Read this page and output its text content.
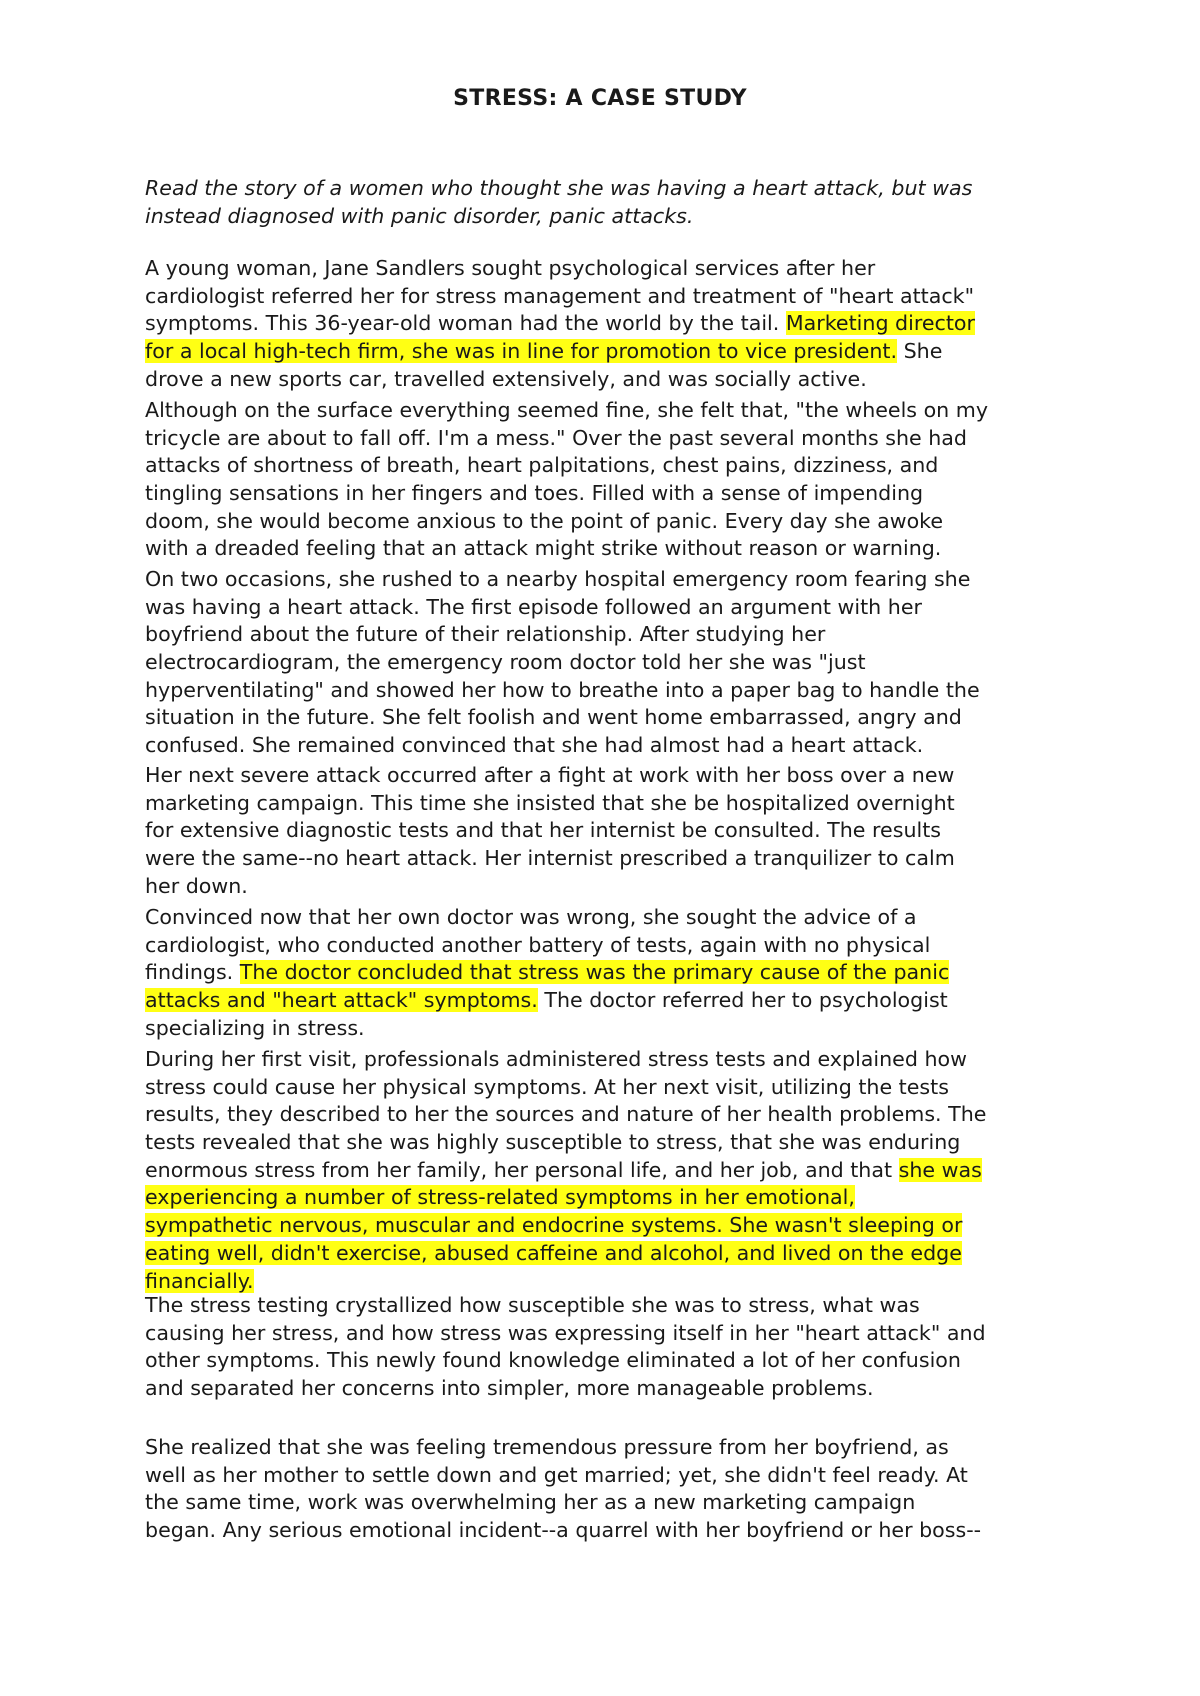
STRESS: A CASE STUDY
Read the story of a women who thought she was having a heart attack, but was
instead diagnosed with panic disorder, panic attacks.
A young woman, Jane Sandlers sought psychological services after her
cardiologist referred her for stress management and treatment of "heart attack"
symptoms. This 36-year-old woman had the world by the tail. Marketing director
for a local high-tech firm, she was in line for promotion to vice president. She
drove a new sports car, travelled extensively, and was socially active.
Although on the surface everything seemed fine, she felt that, "the wheels on my
tricycle are about to fall off. I'm a mess." Over the past several months she had
attacks of shortness of breath, heart palpitations, chest pains, dizziness, and
tingling sensations in her fingers and toes. Filled with a sense of impending
doom, she would become anxious to the point of panic. Every day she awoke
with a dreaded feeling that an attack might strike without reason or warning.
On two occasions, she rushed to a nearby hospital emergency room fearing she
was having a heart attack. The first episode followed an argument with her
boyfriend about the future of their relationship. After studying her
electrocardiogram, the emergency room doctor told her she was "just
hyperventilating" and showed her how to breathe into a paper bag to handle the
situation in the future. She felt foolish and went home embarrassed, angry and
confused. She remained convinced that she had almost had a heart attack.
Her next severe attack occurred after a fight at work with her boss over a new
marketing campaign. This time she insisted that she be hospitalized overnight
for extensive diagnostic tests and that her internist be consulted. The results
were the same--no heart attack. Her internist prescribed a tranquilizer to calm
her down.
Convinced now that her own doctor was wrong, she sought the advice of a
cardiologist, who conducted another battery of tests, again with no physical
findings. The doctor concluded that stress was the primary cause of the panic
attacks and "heart attack" symptoms. The doctor referred her to psychologist
specializing in stress.
During her first visit, professionals administered stress tests and explained how
stress could cause her physical symptoms. At her next visit, utilizing the tests
results, they described to her the sources and nature of her health problems. The
tests revealed that she was highly susceptible to stress, that she was enduring
enormous stress from her family, her personal life, and her job, and that she was
experiencing a number of stress-related symptoms in her emotional,
sympathetic nervous, muscular and endocrine systems. She wasn't sleeping or
eating well, didn't exercise, abused caffeine and alcohol, and lived on the edge
financially.
The stress testing crystallized how susceptible she was to stress, what was
causing her stress, and how stress was expressing itself in her "heart attack" and
other symptoms. This newly found knowledge eliminated a lot of her confusion
and separated her concerns into simpler, more manageable problems.
She realized that she was feeling tremendous pressure from her boyfriend, as
well as her mother to settle down and get married; yet, she didn't feel ready. At
the same time, work was overwhelming her as a new marketing campaign
began. Any serious emotional incident--a quarrel with her boyfriend or her boss--
